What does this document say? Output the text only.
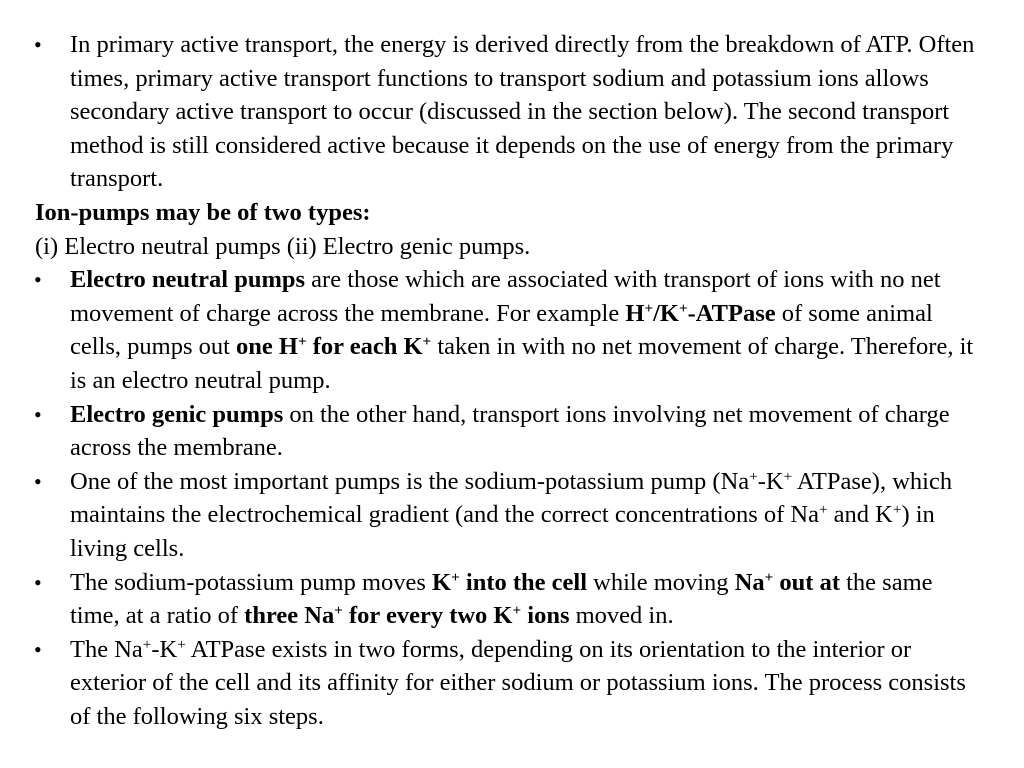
•	In primary active transport, the energy is derived directly from the breakdown of ATP. Often times, primary active transport functions to transport sodium and potassium ions allows secondary active transport to occur (discussed in the section below). The second transport method is still considered active because it depends on the use of energy from the primary transport.
Ion-pumps may be of two types:
(i) Electro neutral pumps (ii) Electro genic pumps.
•	Electro neutral pumps are those which are associated with transport of ions with no net movement of charge across the membrane. For example H+/K+-ATPase of some animal cells, pumps out one H+ for each K+ taken in with no net movement of charge. Therefore, it is an electro neutral pump.
•	Electro genic pumps on the other hand, transport ions involving net movement of charge across the membrane.
•	One of the most important pumps is the sodium-potassium pump (Na+-K+ ATPase), which maintains the electrochemical gradient (and the correct concentrations of Na+ and K+) in living cells.
•	The sodium-potassium pump moves K+ into the cell while moving Na+ out at the same time, at a ratio of three Na+ for every two K+ ions moved in.
•	The Na+-K+ ATPase exists in two forms, depending on its orientation to the interior or exterior of the cell and its affinity for either sodium or potassium ions. The process consists of the following six steps.
